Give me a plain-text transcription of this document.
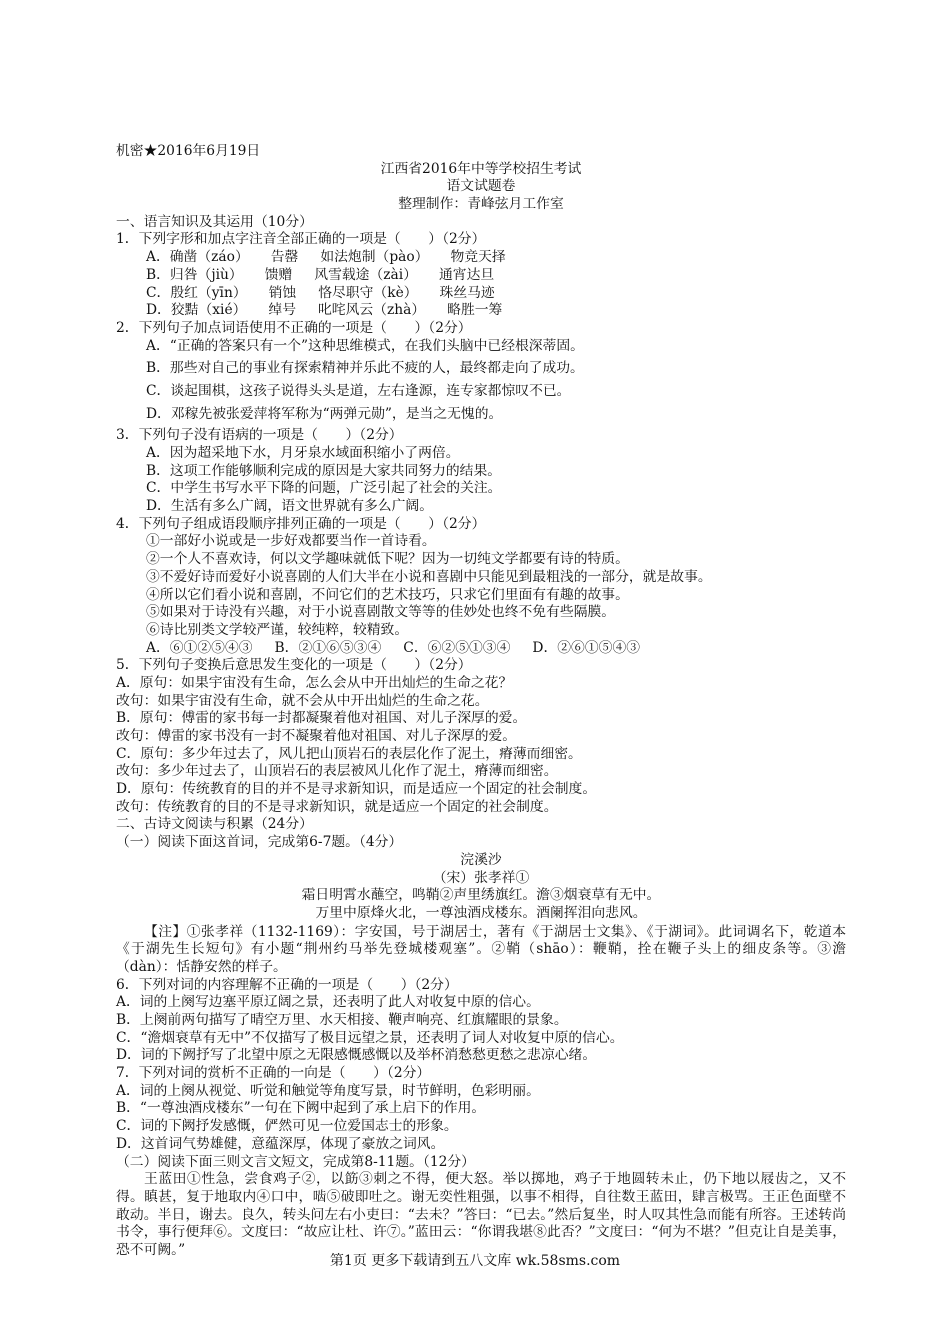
机密★2016年6月19日
江西省2016年中等学校招生考试
语文试题卷
整理制作：青峰弦月工作室
一、语言知识及其运用（10分）
1．下列字形和加点字注音全部正确的一项是（　　）（2分）
A．确凿（záo） 告罄 如法炮制（pào） 物竞天择
B．归咎（jiù） 馈赠 风雪载途（zài） 通宵达旦
C．殷红（yīn） 销蚀 恪尽职守（kè） 珠丝马迹
D．狡黠（xié） 绰号 叱咤风云（zhà） 略胜一筹
2．下列句子加点词语使用不正确的一项是（　　）（2分）
A．“正确的答案只有一个”这种思维模式，在我们头脑中已经根深蒂固。
B．那些对自己的事业有探索精神并乐此不疲的人，最终都走向了成功。
C．谈起围棋，这孩子说得头头是道，左右逢源，连专家都惊叹不已。
D．邓稼先被张爱萍将军称为“两弹元勋”，是当之无愧的。
3．下列句子没有语病的一项是（　　）（2分）
A．因为超采地下水，月牙泉水域面积缩小了两倍。
B．这项工作能够顺利完成的原因是大家共同努力的结果。
C．中学生书写水平下降的问题，广泛引起了社会的关注。
D．生活有多么广阔，语文世界就有多么广阔。
4．下列句子组成语段顺序排列正确的一项是（　　）（2分）
①一部好小说或是一步好戏都要当作一首诗看。
②一个人不喜欢诗，何以文学趣味就低下呢？因为一切纯文学都要有诗的特质。
③不爱好诗而爱好小说喜剧的人们大半在小说和喜剧中只能见到最粗浅的一部分，就是故事。
④所以它们看小说和喜剧，不问它们的艺术技巧，只求它们里面有有趣的故事。
⑤如果对于诗没有兴趣，对于小说喜剧散文等等的佳妙处也终不免有些隔膜。
⑥诗比别类文学较严谨，较纯粹，较精致。
A．⑥①②⑤④③ B．②①⑥⑤③④ C．⑥②⑤①③④ D．②⑥①⑤④③
5．下列句子变换后意思发生变化的一项是（　　）（2分）
A．原句：如果宇宙没有生命，怎么会从中开出灿烂的生命之花？
改句：如果宇宙没有生命，就不会从中开出灿烂的生命之花。
B．原句：傅雷的家书每一封都凝聚着他对祖国、对儿子深厚的爱。
改句：傅雷的家书没有一封不凝聚着他对祖国、对儿子深厚的爱。
C．原句：多少年过去了，风儿把山顶岩石的表层化作了泥土，瘠薄而细密。
改句：多少年过去了，山顶岩石的表层被风儿化作了泥土，瘠薄而细密。
D．原句：传统教育的目的并不是寻求新知识，而是适应一个固定的社会制度。
改句：传统教育的目的不是寻求新知识，就是适应一个固定的社会制度。
二、古诗文阅读与积累（24分）
（一）阅读下面这首词，完成第6-7题。（4分）
浣溪沙
（宋）张孝祥①
霜日明霄水蘸空，鸣鞘②声里绣旗红。澹③烟衰草有无中。
万里中原烽火北，一尊浊酒戍楼东。酒阑挥泪向悲风。
【注】①张孝祥（1132-1169）：字安国，号于湖居士，著有《于湖居士文集》、《于湖词》。此词调名下，乾道本《于湖先生长短句》有小题“荆州约马举先登城楼观塞”。②鞘（shāo）：鞭鞘，拴在鞭子头上的细皮条等。③澹（dàn）：恬静安然的样子。
6．下列对词的内容理解不正确的一项是（　　）（2分）
A．词的上阕写边塞平原辽阔之景，还表明了此人对收复中原的信心。
B．上阕前两句描写了晴空万里、水天相接、鞭声响亮、红旗耀眼的景象。
C．“澹烟衰草有无中”不仅描写了极目远望之景，还表明了词人对收复中原的信心。
D．词的下阙抒写了北望中原之无限感慨感慨以及举杯消愁愁更愁之悲凉心绪。
7．下列对词的赏析不正确的一向是（　　）（2分）
A．词的上阕从视觉、听觉和触觉等角度写景，时节鲜明，色彩明丽。
B．“一尊浊酒戍楼东”一句在下阙中起到了承上启下的作用。
C．词的下阙抒发感慨，俨然可见一位爱国志士的形象。
D．这首词气势雄健，意蕴深厚，体现了豪放之词风。
（二）阅读下面三则文言文短文，完成第8-11题。（12分）
王蓝田①性急，尝食鸡子②，以筯③刺之不得，便大怒。举以掷地，鸡子于地圆转未止，仍下地以屐齿之，又不得。瞋甚，复于地取内④口中，啮⑤破即吐之。谢无奕性粗强，以事不相得，自往数王蓝田，肆言极骂。王正色面壁不敢动。半日，谢去。良久，转头问左右小吏曰：“去未？”答曰：“已去。”然后复坐，时人叹其性急而能有所容。王述转尚书令，事行便拜⑥。文度曰：“故应让杜、许⑦。”蓝田云：“你谓我堪⑧此否？”文度曰：“何为不堪？”但克让自是美事，恐不可阙。”
第1页 更多下载请到五八文库 wk.58sms.com
